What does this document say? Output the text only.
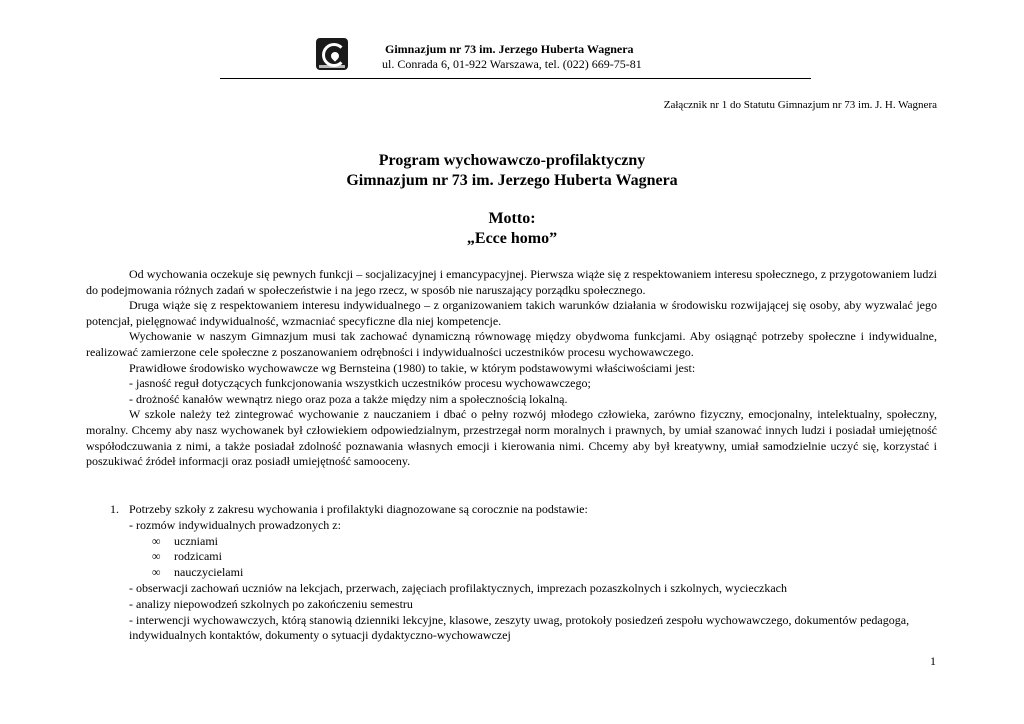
Gimnazjum nr 73 im. Jerzego Huberta Wagnera
ul. Conrada 6, 01-922 Warszawa, tel. (022) 669-75-81
Załącznik nr 1 do Statutu Gimnazjum nr 73 im. J. H. Wagnera
Program wychowawczo-profilaktyczny
Gimnazjum nr 73 im. Jerzego Huberta Wagnera
Motto:
„Ecce homo”

Od wychowania oczekuje się pewnych funkcji – socjalizacyjnej i emancypacyjnej. Pierwsza wiąże się z respektowaniem interesu społecznego, z przygotowaniem ludzi do podejmowania różnych zadań w społeczeństwie i na jego rzecz, w sposób nie naruszający porządku społecznego.

Druga wiąże się z respektowaniem interesu indywidualnego – z organizowaniem takich warunków działania w środowisku rozwijającej się osoby, aby wyzwalać jego potencjał, pielęgnować indywidualność, wzmacniać specyficzne dla niej kompetencje.

Wychowanie w naszym Gimnazjum musi tak zachować dynamiczną równowagę między obydwoma funkcjami. Aby osiągnąć potrzeby społeczne i indywidualne, realizować zamierzone cele społeczne z poszanowaniem odrębności i indywidualności uczestników procesu wychowawczego.

Prawidłowe środowisko wychowawcze wg Bernsteina (1980) to takie, w którym podstawowymi właściwościami jest:

- jasność reguł dotyczących funkcjonowania wszystkich uczestników procesu wychowawczego;

- drożność kanałów wewnątrz niego oraz poza a także między nim a społecznością lokalną.

W szkole należy też zintegrować wychowanie z nauczaniem i dbać o pełny rozwój młodego człowieka, zarówno fizyczny, emocjonalny, intelektualny, społeczny, moralny. Chcemy aby nasz wychowanek był człowiekiem odpowiedzialnym, przestrzegał norm moralnych i prawnych, by umiał szanować innych ludzi i posiadał umiejętność współodczuwania z nimi, a także posiadał zdolność poznawania własnych emocji i kierowania nimi. Chcemy aby był kreatywny, umiał samodzielnie uczyć się, korzystać i poszukiwać źródeł informacji oraz posiadł umiejętność samooceny.

1. Potrzeby szkoły z zakresu wychowania i profilaktyki diagnozowane są corocznie na podstawie:

- rozmów indywidualnych prowadzonych z:

∞ uczniami

∞ rodzicami

∞ nauczycielami

- obserwacji zachowań uczniów na lekcjach, przerwach, zajęciach profilaktycznych, imprezach pozaszkolnych i szkolnych, wycieczkach

- analizy niepowodzeń szkolnych po zakończeniu semestru

- interwencji wychowawczych, którą stanowią dzienniki lekcyjne, klasowe, zeszyty uwag, protokoły posiedzeń zespołu wychowawczego, dokumentów pedagoga, indywidualnych kontaktów, dokumenty o sytuacji dydaktyczno-wychowawczej

1
